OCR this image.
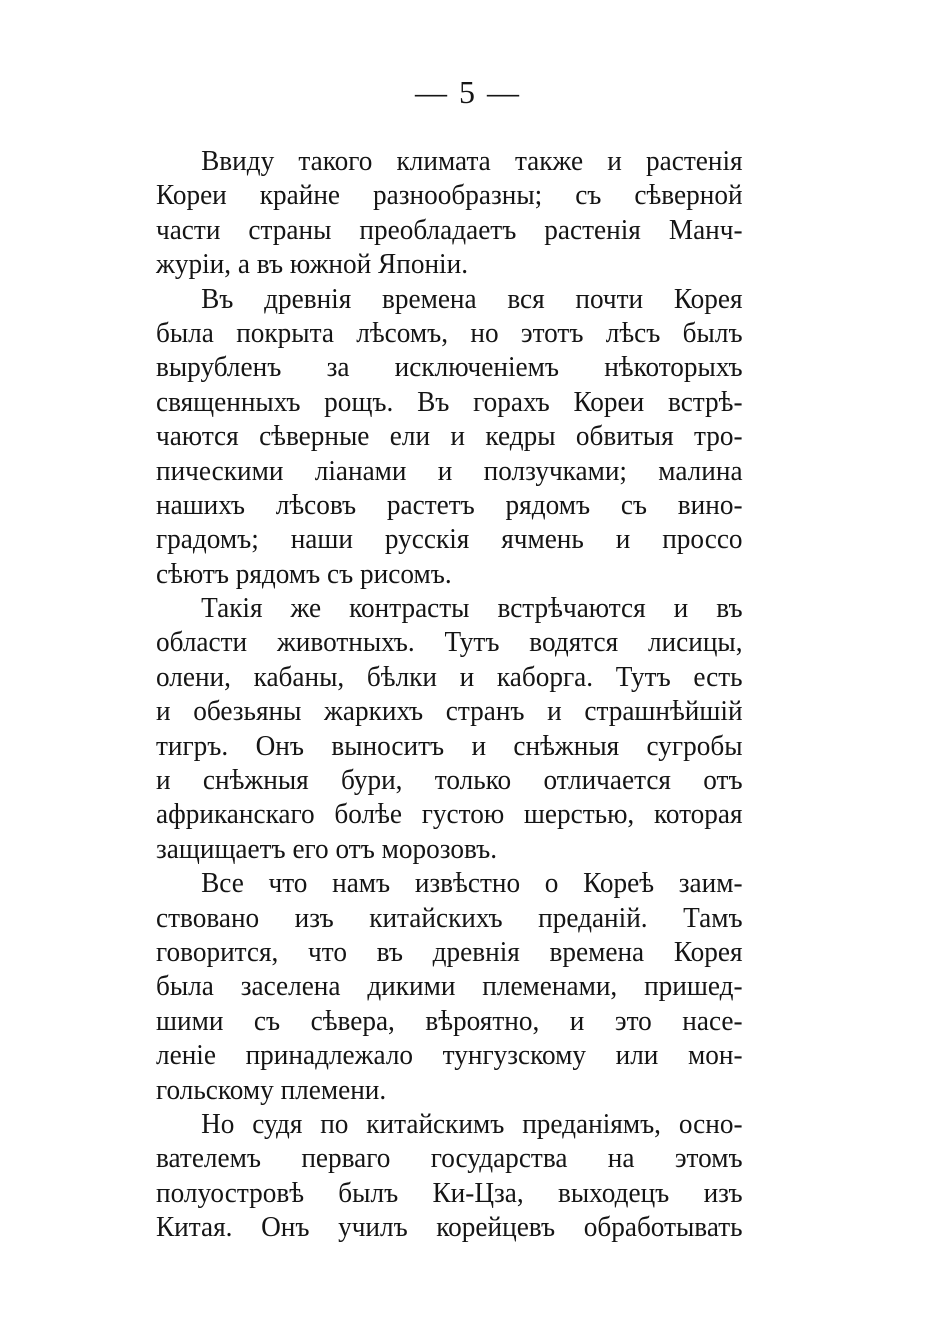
— 5 —
Ввиду такого климата также и растенія
Кореи крайне разнообразны; съ сѣверной
части страны преобладаетъ растенія Манч-
журіи, а въ южной Японіи.
Въ древнія времена вся почти Корея
была покрыта лѣсомъ, но этотъ лѣсъ былъ
вырубленъ за исключеніемъ нѣкоторыхъ
священныхъ рощъ. Въ горахъ Кореи встрѣ-
чаются сѣверные ели и кедры обвитыя тро-
пическими ліанами и ползучками; малина
нашихъ лѣсовъ растетъ рядомъ съ вино-
градомъ; наши русскія ячмень и проссо
сѣютъ рядомъ съ рисомъ.
Такія же контрасты встрѣчаются и въ
области животныхъ. Тутъ водятся лисицы,
олени, кабаны, бѣлки и каборга. Тутъ есть
и обезьяны жаркихъ странъ и страшнѣйшій
тигръ. Онъ выноситъ и снѣжныя сугробы
и снѣжныя бури, только отличается отъ
африканскаго болѣе густою шерстью, которая
защищаетъ его отъ морозовъ.
Все что намъ извѣстно о Кореѣ заим-
ствовано изъ китайскихъ преданій. Тамъ
говорится, что въ древнія времена Корея
была заселена дикими племенами, пришед-
шими съ сѣвера, вѣроятно, и это насе-
леніе принадлежало тунгузскому или мон-
гольскому племени.
Но судя по китайскимъ преданіямъ, осно-
вателемъ перваго государства на этомъ
полуостровѣ былъ Ки-Цза, выходецъ изъ
Китая. Онъ училъ корейцевъ обработывать
